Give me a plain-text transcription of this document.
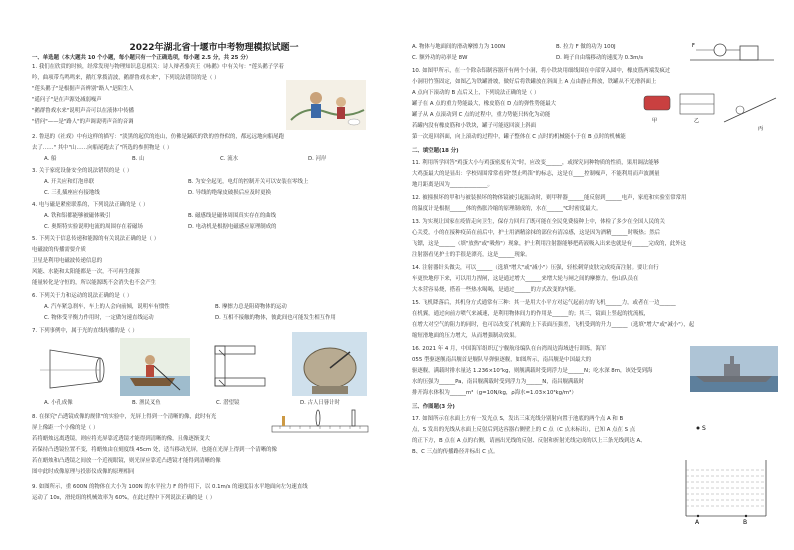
2022年湖北省十堰市中考物理模拟试题一
一、单选题（本大题共 10 个小题，每小题只有一个正确选项，每小题 2.5 分，共 25 分）
1. 我们在欣赏的时候，经常发现与物理知识息息相关：诗人辩者骆宾王《咏鹅》中有关句："莲头鹅子学着
吟，曲项带鸟鸣鸣来，鹅红掌拨清波，鹅群鲁戏水来"，下列说法错误的是（ ）
"莲头鹅子"是根据声音辨别"路人"是陌生人
"遥问子"是在声源处减弱噪声
"鹅群鲁戏水来"说明声音可以在液体中传播
"借问"——是"路人"的声调说明声音的音调
2. 鲁迅的《社戏》中有这样的描写："淡黑的起伏的连山，仿佛是踊跃的铁的兽脊似的，都远远地向船尾跑
去了……" 其中"山……向船尾跑去了"所选的参照物是（ ）
A. 船	B. 山	C. 流水	D. 河岸
3. 关于家庭设备安全的说法错误的是（ ）
A. 开关应和灯泡串联	B. 为安全起见，电灯的控制开关可以安装在零线上
C. 三孔插座应有接地线	D. 导线的绝缘皮破损后应及时更换
4. 电与磁是紧密联系的，下列说法正确的是（ ）
A. 铁和铝都能够被磁体吸引	B. 磁感线是磁体周围真实存在的曲线
C. 奥斯特实验说明电流的周围存在着磁场	D. 电动机是根据电磁感应原理制成的
5. 下列关于信息传递和能源的有关说法正确的是（ ）
电磁波的传播需要介质
卫星是利用电磁波传递信息的
风能、水能和太阳能都是一次，不可再生能源
能量转化是守恒的，所以能源既不会消失也不会产生
6. 下列关于力和运动的说法正确的是（ ）
A. 汽车紧急刹车，车上的人会向前倾，说明车有惯性	B. 摩擦力总是阻碍物体的运动
C. 物体受平衡力作用时，一定做匀速直线运动	D. 互相不接触的物体，彼此间也可能发生相互作用
7. 下列事例中，属于光的直线传播的是（ ）
A. 小孔成像	B. 渔民叉鱼	C. 潜望镜	D. 古人日晷计时
8. 在探究"凸透镜成像的规律"的实验中，光屏上得到一个清晰的像，此时有光
屏上像距一个小像的是（ ）
若将蜡烛远离透镜，则应将光屏靠近透镜才能得到清晰的像，且像逐渐变大
若保持凸透镜位置不变，将蜡烛由在刻度线 45cm 处，适当移动光屏，也能在光屏上得到一个清晰的像
若在蜡烛和凸透镜之间放一个近视眼镜，则光屏应靠近凸透镜才能得到清晰的像
图中此时成像原理与投影仪成像的原理相同
9. 如图所示，重 600N 的物体在大小为 100N 的水平拉力 F 的作用下，以 0.1m/s 的速度沿水平地面向左匀速直线
运动了 10s，滑轮组的机械效率为 60%，在此过程中下列说法正确的是（ ）
A. 物体与地面间的滑动摩擦力为 100N	B. 拉力 F 做的功为 100J
C. 额外功的功率是 8W	D. 绳子自由端移动的速度为 0.3m/s
F
10. 如图甲所示，在一个除杂铝制容器开有两个小洞，将小铁块用细线围在中部穿入圆中，橡皮筋两端发疯过
小洞用竹签固定，如图乙为铁罐滑坡，做好后将铁罐放在斜面上 A 点由静止释放，铁罐从不光滑斜面上
A 点向下滚动的 B 点后又上，下列说法正确的是（ ）
罐子在 A 点的重力势能最大，橡皮筋在 D 点的弹性势能最大
罐子从 A 点滚动到 C 点的过程中，重力势能只转化为动能
若罐内没有橡皮筋和小铁块，罐子可能返回滚上斜面
第一次返回斜面，向上滚动的过程中，罐子整体在 C 点时的机械能小于在 B 点时的机械能
甲	乙
丙
二、填空题(18 分)
11. 利用所学回答"鸡蛋大小与鸡蛋密度有关"时，应改变______，或探究同种物质的性质，果用调法能够
大鸡蛋最大的是显出：学校周围常常看到"禁止鸣笛"的标志，这是在____控制噪声，不能利用而声波测量
地月距离是因为______________。
12. 被撞损坏的甲和与被装损坏的物体镜被引起振动时，则甲秤器______能反射到______电声，家庭和实验室常常用
的温度计是根据______体的热胀冷缩的原理制成的，水在______℃时密度最大。
13. 为实现让国家在疫情走向卫生，保存力回归了既可能在全民免费接种上中，体检了多少在全国人民的关
心关爱，小的在接种疫苗在前后中，护士用酒精涂抹的部位有清凉感，这是因为酒精______时吸热；然后
飞镖，这是______（填"放热"或"吸热"）现象，护士利用注射器能够把药液吸入出来也就是有______完成的，此外这
注射器看见护士的手很是漂亮，这是______现象。
14. 注射器针头做尖，可以______（选填"增大"或"减小"）压强，轻松刺穿皮肤完成疫苗注射。要让自行
车更快地停下来，可以用力捏闸，这是通过增大______来增大轮与闸之间的摩擦力，登山队员在
大本营容易烧，搭着一些热水喝喝，是通过______的方式改变的内能。
15. 飞机降落后，其机身方式通常有三种：其一是用大小平方对运气起前方的飞机______力，或者在一边______
在机翼，通过向前方喷气来减速，是利用物体间力的作用是______的；其三，镜面上竖起的扰流板，
在增大对空气的阻力的同时，也可以改变了机翼的上下表面压强差，飞机受到的升力______（选填"增大"或"减小"），起
缩短滑地面的压力增大，从而增强制动效果。
16. 2021 年 4 月，中国海军组织辽宁舰航母编队在台湾周边海域进行训练，海军
055 型驱逐舰南昌舰首是舰队导弹驱逐舰，如图所示，南昌舰是中国最大的
驱逐舰，满载时排水量达 1.236×10⁷kg，则舰满载时受到浮力是______N；吃水深 8m，该处受到海
水的压强为______Pa，南昌舰满载时受到浮力为______N，南昌舰满载时
排开海水体积为______m³（g=10N/kg，ρ海水=1.03×10³kg/m³）
三、作图题(3 分)
17. 如图所示在水面上方有一发光点 S，发出三束光线分别射向置于池底的两个点 A 和 B
点，S 发出的光线从水面上反射后到达容器右侧壁上的 C 点（C 点未标出），已知 A 点在 S 点
的正下方，B 点在 A 点的右侧，请画出光线的反射、反射和折射光线完成的以上三条光线到达 A、
B、C 三点的传播路径并标出 C 点。
S
A	B
